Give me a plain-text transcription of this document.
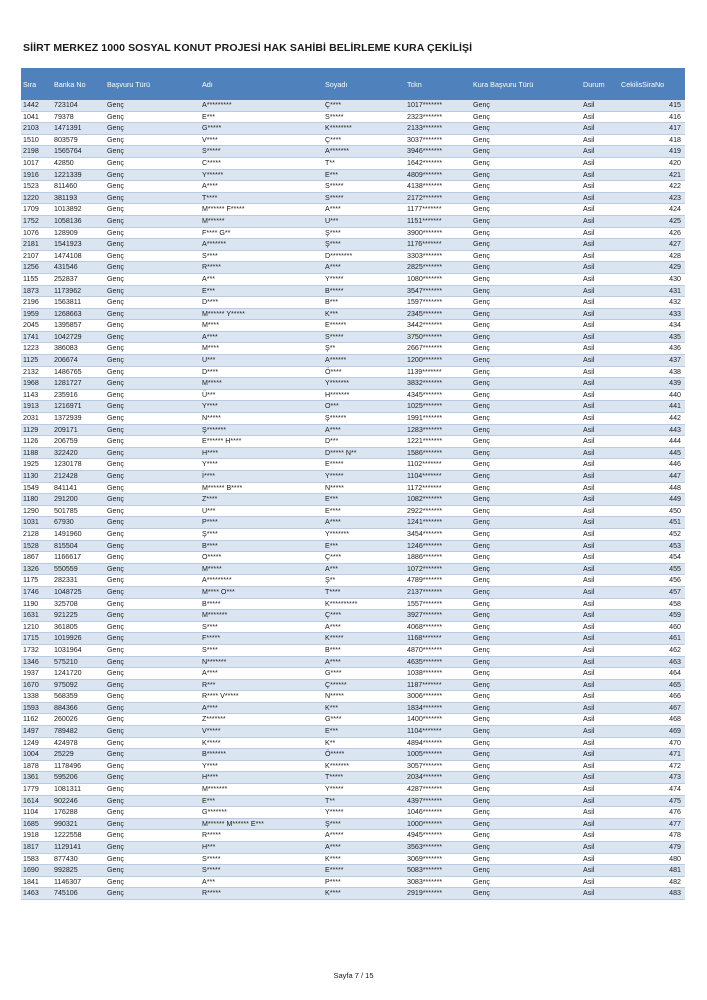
SİİRT MERKEZ 1000 SOSYAL KONUT PROJESİ HAK SAHİBİ BELİRLEME KURA ÇEKİLİŞİ
Sıra	Banka No	Başvuru Türü	Adı	Soyadı	Tckn	Kura Başvuru Türü	Durum	CekilisSiraNo
1442	723104	Genç	A*********	Ç****	1017*******	Genç	Asil	415
1041	79378	Genç	E***	S*****	2323*******	Genç	Asil	416
2103	1471391	Genç	G*****	K********	2133*******	Genç	Asil	417
1510	803579	Genç	V****	Ç****	3037*******	Genç	Asil	418
2198	1565764	Genç	S*****	A*******	3946*******	Genç	Asil	419
1017	42850	Genç	C*****	T**	1642*******	Genç	Asil	420
1916	1221339	Genç	Y******	E***	4809*******	Genç	Asil	421
1523	811460	Genç	A****	S*****	4138*******	Genç	Asil	422
1220	381193	Genç	T****	S*****	2172*******	Genç	Asil	423
1709	1013892	Genç	M****** F*****	A****	1177*******	Genç	Asil	424
1752	1058136	Genç	M******	U***	1151*******	Genç	Asil	425
1076	128909	Genç	F**** G**	Ş****	3900*******	Genç	Asil	426
2181	1541923	Genç	A*******	Ş****	1176*******	Genç	Asil	427
2107	1474108	Genç	S****	D********	3303*******	Genç	Asil	428
1256	431546	Genç	R*****	A****	2825*******	Genç	Asil	429
1155	252837	Genç	A***	Y*****	1080*******	Genç	Asil	430
1873	1173962	Genç	E***	B*****	3547*******	Genç	Asil	431
2196	1563811	Genç	D****	B***	1597*******	Genç	Asil	432
1959	1268663	Genç	M****** Y*****	K***	2345*******	Genç	Asil	433
2045	1395857	Genç	M****	E******	3442*******	Genç	Asil	434
1741	1042729	Genç	A****	S*****	3750*******	Genç	Asil	435
1223	386083	Genç	M****	Ş**	2667*******	Genç	Asil	436
1125	206674	Genç	U***	A******	1200*******	Genç	Asil	437
2132	1486765	Genç	D****	Ö****	1139*******	Genç	Asil	438
1968	1281727	Genç	M*****	Y*******	3832*******	Genç	Asil	439
1143	235916	Genç	Ü***	H*******	4345*******	Genç	Asil	440
1913	1216971	Genç	Y****	O***	1025*******	Genç	Asil	441
2031	1372939	Genç	N*****	Ş******	1991*******	Genç	Asil	442
1129	209171	Genç	Ş*******	A****	1283*******	Genç	Asil	443
1126	206759	Genç	E****** H****	D***	1221*******	Genç	Asil	444
1188	322420	Genç	H****	D***** N**	1586*******	Genç	Asil	445
1925	1230178	Genç	Y****	E*****	1102*******	Genç	Asil	446
1130	212428	Genç	İ****	Y*****	1104*******	Genç	Asil	447
1549	841141	Genç	M****** B****	N*****	1172*******	Genç	Asil	448
1180	291200	Genç	Z****	E***	1082*******	Genç	Asil	449
1290	501785	Genç	U***	E****	2922*******	Genç	Asil	450
1031	67930	Genç	P****	A****	1241*******	Genç	Asil	451
2128	1491960	Genç	Ş****	Y*******	3454*******	Genç	Asil	452
1528	815504	Genç	B****	E***	1246*******	Genç	Asil	453
1867	1166617	Genç	O*****	Ç****	1886*******	Genç	Asil	454
1326	550559	Genç	M*****	A***	1072*******	Genç	Asil	455
1175	282331	Genç	A*********	Ş**	4789*******	Genç	Asil	456
1746	1048725	Genç	M**** O***	T****	2137*******	Genç	Asil	457
1190	325708	Genç	B*****	K**********	1557*******	Genç	Asil	458
1631	921225	Genç	M*******	Ç****	3927*******	Genç	Asil	459
1210	361805	Genç	S****	A****	4068*******	Genç	Asil	460
1715	1019926	Genç	F*****	K*****	1168*******	Genç	Asil	461
1732	1031964	Genç	S****	B****	4870*******	Genç	Asil	462
1346	575210	Genç	N*******	A****	4635*******	Genç	Asil	463
1937	1241720	Genç	A****	G****	1038*******	Genç	Asil	464
1670	975092	Genç	R***	Ç******	1187*******	Genç	Asil	465
1338	568359	Genç	R**** V*****	N*****	3006*******	Genç	Asil	466
1593	884366	Genç	A****	K***	1834*******	Genç	Asil	467
1162	260026	Genç	Z*******	G****	1400*******	Genç	Asil	468
1497	789482	Genç	V*****	E***	1104*******	Genç	Asil	469
1249	424978	Genç	K*****	K**	4894*******	Genç	Asil	470
1004	25229	Genç	B*******	Ö*****	1005*******	Genç	Asil	471
1878	1178496	Genç	Y****	K*******	3057*******	Genç	Asil	472
1361	595206	Genç	H****	T*****	2034*******	Genç	Asil	473
1779	1081311	Genç	M*******	Y*****	4287*******	Genç	Asil	474
1614	902246	Genç	E***	T**	4397*******	Genç	Asil	475
1104	176288	Genç	G*******	Y*****	1046*******	Genç	Asil	476
1685	990321	Genç	M****** M****** E***	Ş****	1000*******	Genç	Asil	477
1918	1222558	Genç	R*****	A*****	4945*******	Genç	Asil	478
1817	1129141	Genç	H***	A****	3563*******	Genç	Asil	479
1583	877430	Genç	S*****	K****	3069*******	Genç	Asil	480
1690	992825	Genç	S*****	E*****	5083*******	Genç	Asil	481
1841	1146307	Genç	A***	P****	3083*******	Genç	Asil	482
1463	745106	Genç	R*****	K****	2919*******	Genç	Asil	483
Sayfa 7 / 15
